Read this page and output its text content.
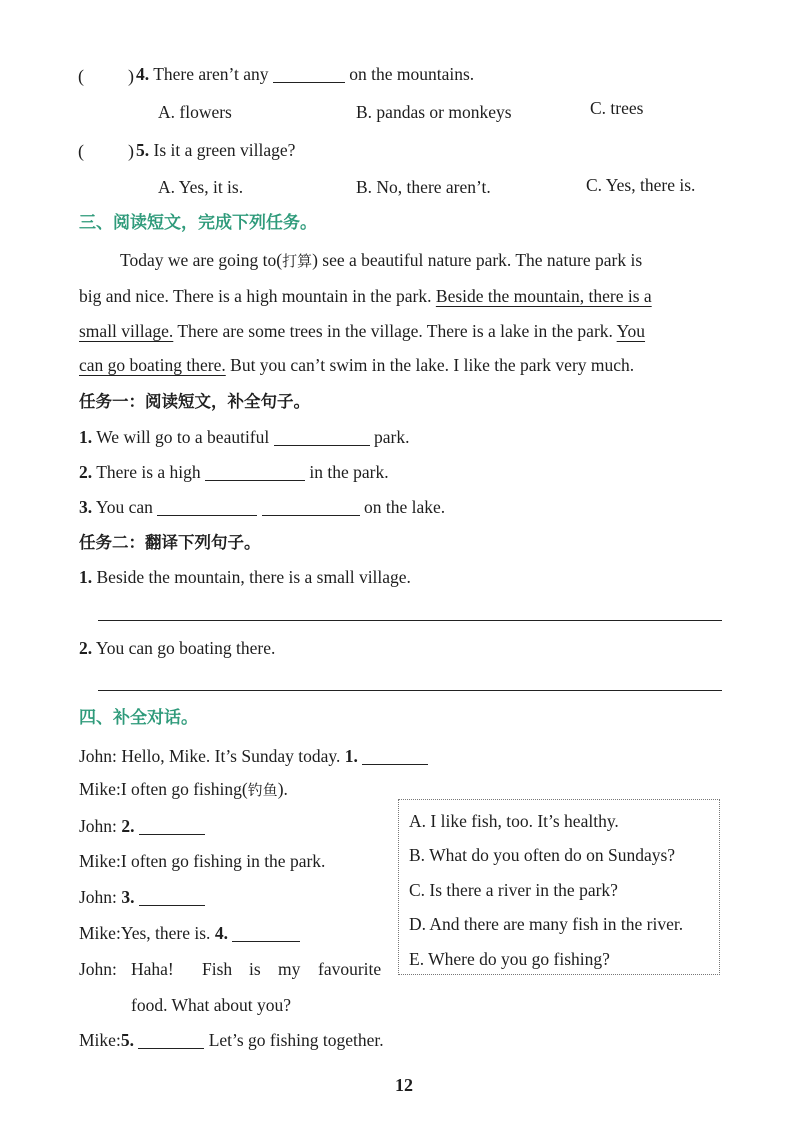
( ) 4. There aren’t any	on the mountains.
A. flowers	B. pandas or monkeys	C. trees
( ) 5. Is it a green village?
A. Yes, it is.	B. No, there aren’t.	C. Yes, there is.
三、阅读短文，完成下列任务。
Today we are going to(打算) see a beautiful nature park. The nature park is
big and nice. There is a high mountain in the park. Beside the mountain, there is a
small village. There are some trees in the village. There is a lake in the park. You
can go boating there. But you can’t swim in the lake. I like the park very much.
任务一：阅读短文，补全句子。
1. We will go to a beautiful	park.
2. There is a high	in the park.
3. You can	on the lake.
任务二：翻译下列句子。
1. Beside the mountain, there is a small village.
2. You can go boating there.
四、补全对话。
John: Hello, Mike. It’s Sunday today. 1.
Mike:I often go fishing(钓鱼).
John: 2.
Mike:I often go fishing in the park.
John: 3.
Mike:Yes, there is. 4.
John: Haha! Fish is my favourite
food. What about you?
Mike:5.	Let’s go fishing together.
A. I like fish, too. It’s healthy.
B. What do you often do on Sundays?
C. Is there a river in the park?
D. And there are many fish in the river.
E. Where do you go fishing?
12
